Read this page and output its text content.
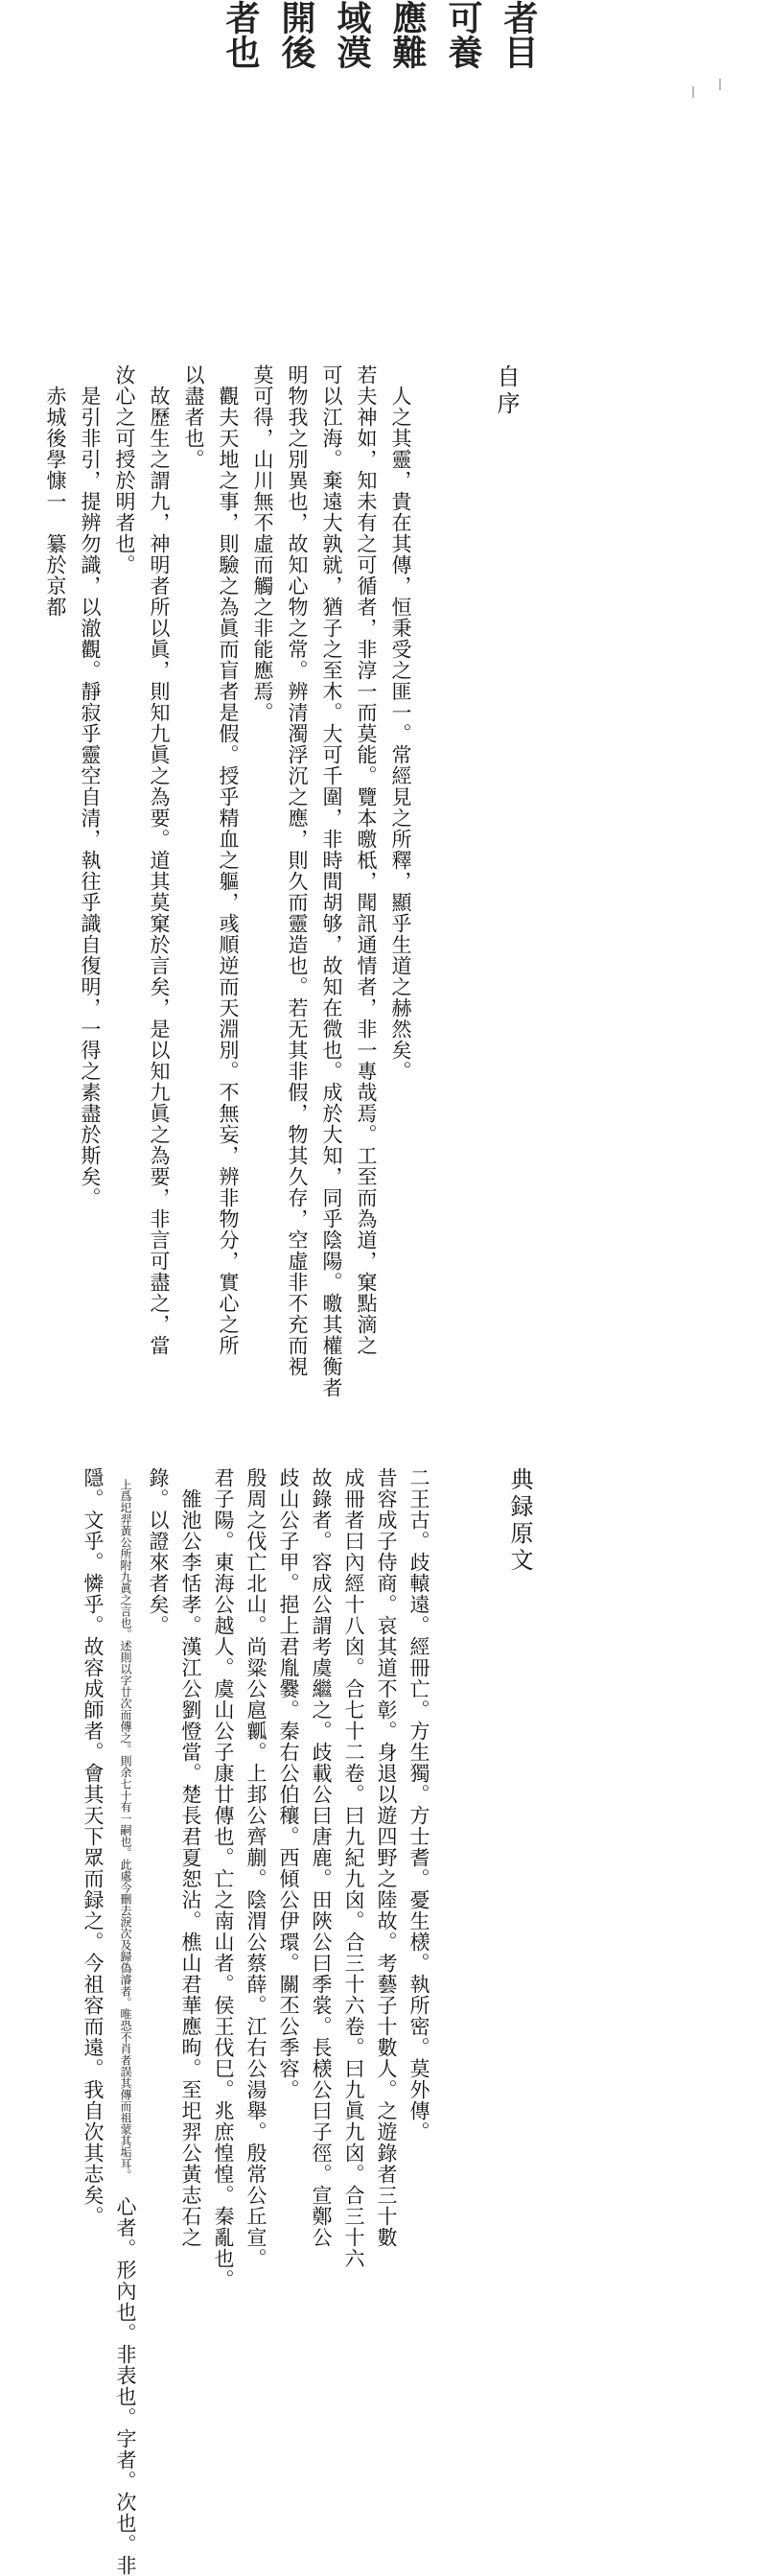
者目
可養
應難
域漠
開後
者也

自序

　人之其靈，貴在其傳，恒秉受之匪一。常經見之所釋，顯乎生道之赫然矣。
若夫神如，知未有之可循者，非淳一而莫能。覽本曒柢，聞訊通情者，非一專哉焉。工至而為道，窠點滴之
可以江海。棄遠大孰就，猶子之至木。大可千圍，非時間胡够，故知在微也。成於大知，同乎陰陽。曒其權衡者
明物我之別異也，故知心物之常。辨清濁浮沉之應，則久而靈造也。若无其非假，物其久存，空虛非不充而視
莫可得，山川無不虛而觸之非能應焉。
　觀夫天地之事，則驗之為眞而盲者是假。授乎精血之軀，彧順逆而天淵別。不無妄，辨非物分，實心之所
以盡者也。
　故歷生之謂九，神明者所以眞，則知九眞之為要。道其莫窠於言矣，是以知九眞之為要，非言可盡之，當
汝心之可授於明者也。
　是引非引，提辨勿識，以澈觀。靜寂乎靈空自清，執往乎識自復明，一得之素盡於斯矣。
　赤城後學慷一　纂於京都

典録原文

二王古。歧轅遠。經冊亡。方生獨。方士耆。憂生檨。執所密。莫外傳。
昔容成子侍商。哀其道不彰。身退以遊四野之陸故。考藝子十數人。之遊錄者三十數
成冊者曰內經十八囟。合七十二卷。曰九紀九囟。合三十六卷。曰九眞九囟。合三十六
故錄者。容成公謂考虞繼之。歧載公曰唐鹿。田陜公曰季裳。長檨公曰子徑。宣鄭公
歧山公子甲。挹上君胤爨。秦右公伯穰。西傾公伊環。關丕公季容。
殷周之伐亡北山。尚粱公扈瓤。上邽公齊蒯。陰渭公蔡薛。江右公湯舉。殷常公丘宣。
君子陽。東海公越人。虞山公子康廿傳也。亡之南山者。侯王伐巳。兆庶惶惶。秦亂也。
　雒池公李恬孝。漢江公劉憕當。楚長君夏恕沾。樵山君華應昫。至圯羿公黃志石之
錄。以證來者矣。
　上爲圯羿黃公所附九眞之言也。述則以字廿次而傳之。則余七十有一嗣也。此處今刪去淚次及歸偽濬者。唯恐不肖者誤其傳而祖蒙其垢耳。　心者。形內也。非表也。字者。次也。非
隱。文乎。憐乎。故容成師者。會其天下眾而録之。今祖容而遠。我自次其志矣。
